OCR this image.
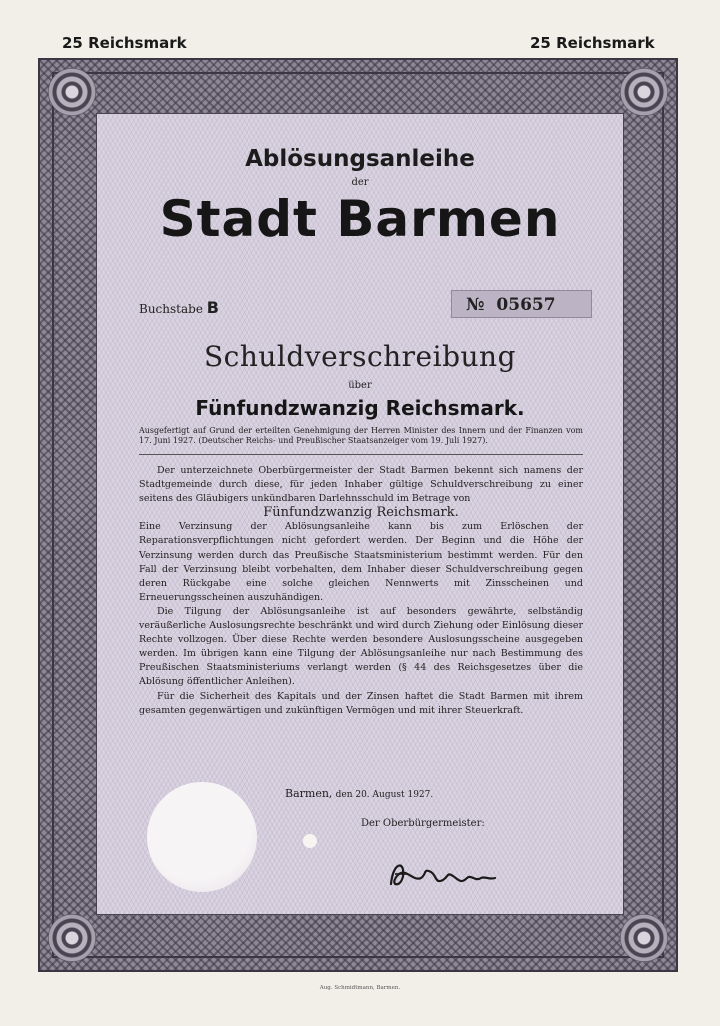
25 Reichsmark	25 Reichsmark
Ablösungsanleihe
der
Stadt Barmen
Buchstabe B	№ 05657
Schuldverschreibung
über
Fünfundzwanzig Reichsmark.
Ausgefertigt auf Grund der erteilten Genehmigung der Herren Minister des Innern und der Finanzen vom 17. Juni 1927. (Deutscher Reichs- und Preußischer Staatsanzeiger vom 19. Juli 1927).

Der unterzeichnete Oberbürgermeister der Stadt Barmen bekennt sich namens der Stadtgemeinde durch diese, für jeden Inhaber gültige Schuldverschreibung zu einer seitens des Gläubigers unkündbaren Darlehnsschuld im Betrage von

Fünfundzwanzig Reichsmark.

Eine Verzinsung der Ablösungsanleihe kann bis zum Erlöschen der Reparationsverpflichtungen nicht gefordert werden. Der Beginn und die Höhe der Verzinsung werden durch das Preußische Staatsministerium bestimmt werden. Für den Fall der Verzinsung bleibt vorbehalten, dem Inhaber dieser Schuldverschreibung gegen deren Rückgabe eine solche gleichen Nennwerts mit Zinsscheinen und Erneuerungsscheinen auszuhändigen.

Die Tilgung der Ablösungsanleihe ist auf besonders gewährte, selbständig veräußerliche Auslosungsrechte beschränkt und wird durch Ziehung oder Einlösung dieser Rechte vollzogen. Über diese Rechte werden besondere Auslosungsscheine ausgegeben werden. Im übrigen kann eine Tilgung der Ablösungsanleihe nur nach Bestimmung des Preußischen Staatsministeriums verlangt werden (§ 44 des Reichsgesetzes über die Ablösung öffentlicher Anleihen).

Für die Sicherheit des Kapitals und der Zinsen haftet die Stadt Barmen mit ihrem gesamten gegenwärtigen und zukünftigen Vermögen und mit ihrer Steuerkraft.

Barmen, den 20. August 1927.
Der Oberbürgermeister:
Aug. Schmidtmann, Barmen.
